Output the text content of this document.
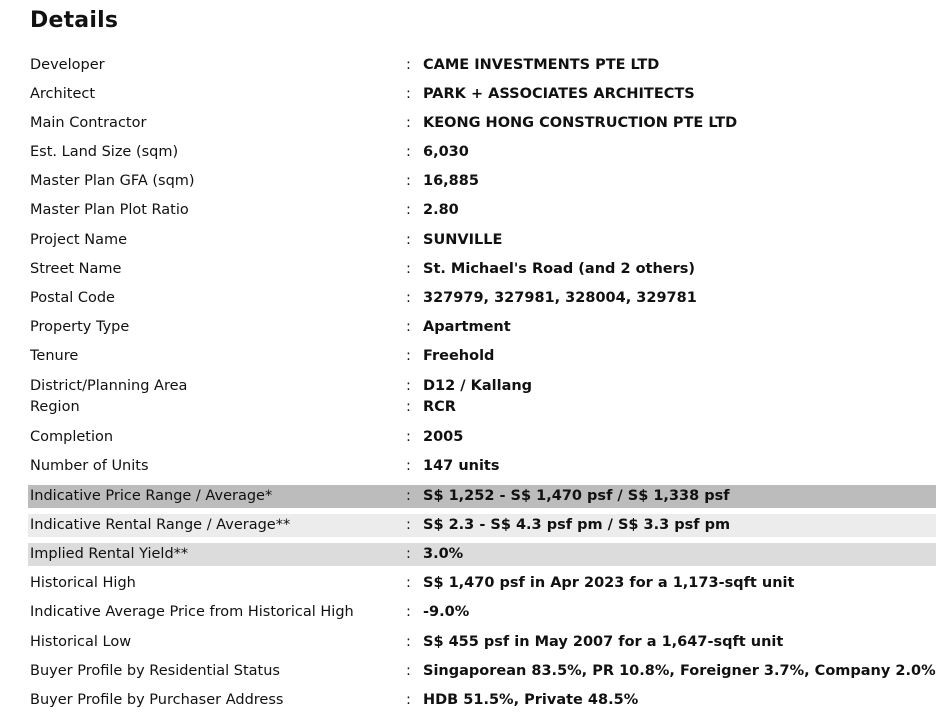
Details
Developer	: CAME INVESTMENTS PTE LTD
Architect	: PARK + ASSOCIATES ARCHITECTS
Main Contractor	: KEONG HONG CONSTRUCTION PTE LTD
Est. Land Size (sqm)	: 6,030
Master Plan GFA (sqm)	: 16,885
Master Plan Plot Ratio	: 2.80
Project Name	: SUNVILLE
Street Name	: St. Michael's Road (and 2 others)
Postal Code	: 327979, 327981, 328004, 329781
Property Type	: Apartment
Tenure	: Freehold
District/Planning Area	: D12 / Kallang
Region	: RCR
Completion	: 2005
Number of Units	: 147 units
Indicative Price Range / Average*	: S$ 1,252 - S$ 1,470 psf / S$ 1,338 psf
Indicative Rental Range / Average**	: S$ 2.3 - S$ 4.3 psf pm / S$ 3.3 psf pm
Implied Rental Yield**	: 3.0%
Historical High	: S$ 1,470 psf in Apr 2023 for a 1,173-sqft unit
Indicative Average Price from Historical High	: -9.0%
Historical Low	: S$ 455 psf in May 2007 for a 1,647-sqft unit
Buyer Profile by Residential Status	: Singaporean 83.5%, PR 10.8%, Foreigner 3.7%, Company 2.0%
Buyer Profile by Purchaser Address	: HDB 51.5%, Private 48.5%
